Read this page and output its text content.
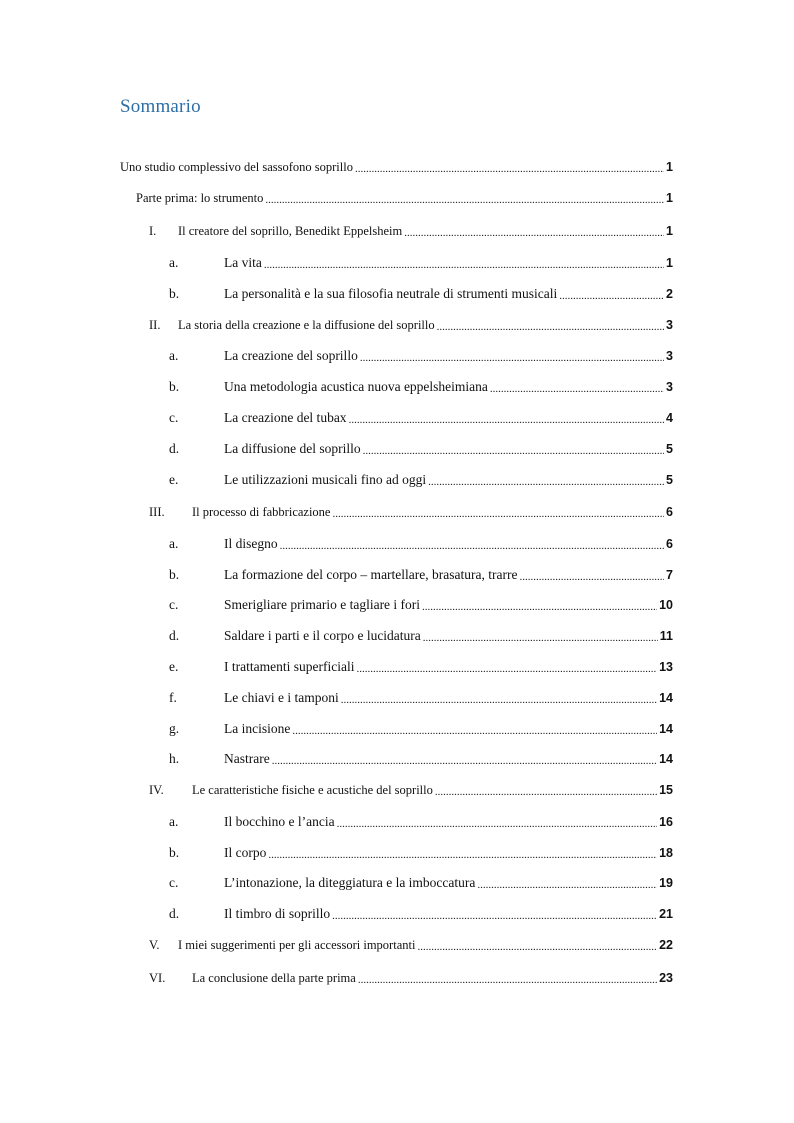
Sommario
Uno studio complessivo del sassofono soprillo .....	1
Parte prima: lo strumento .....	1
I.	Il creatore del soprillo, Benedikt Eppelsheim .....	1
a.	La vita .....	1
b.	La personalità e la sua filosofia neutrale di strumenti musicali .....	2
II.	La storia della creazione e la diffusione del soprillo .....	3
a.	La creazione del soprillo .....	3
b.	Una metodologia acustica nuova eppelsheimiana .....	3
c.	La creazione del tubax .....	4
d.	La diffusione del soprillo .....	5
e.	Le utilizzazioni musicali fino ad oggi .....	5
III.	Il processo di fabbricazione .....	6
a.	Il disegno .....	6
b.	La formazione del corpo – martellare, brasatura, trarre .....	7
c.	Smerigliare primario e tagliare i fori .....	10
d.	Saldare i parti e il corpo e lucidatura .....	11
e.	I trattamenti superficiali .....	13
f.	Le chiavi e i tamponi .....	14
g.	La incisione .....	14
h.	Nastrare .....	14
IV.	Le caratteristiche fisiche e acustiche del soprillo .....	15
a.	Il bocchino e l’ancia .....	16
b.	Il corpo .....	18
c.	L’intonazione, la diteggiatura e la imboccatura .....	19
d.	Il timbro di soprillo .....	21
V.	I miei suggerimenti per gli accessori importanti .....	22
VI.	La conclusione della parte prima .....	23
